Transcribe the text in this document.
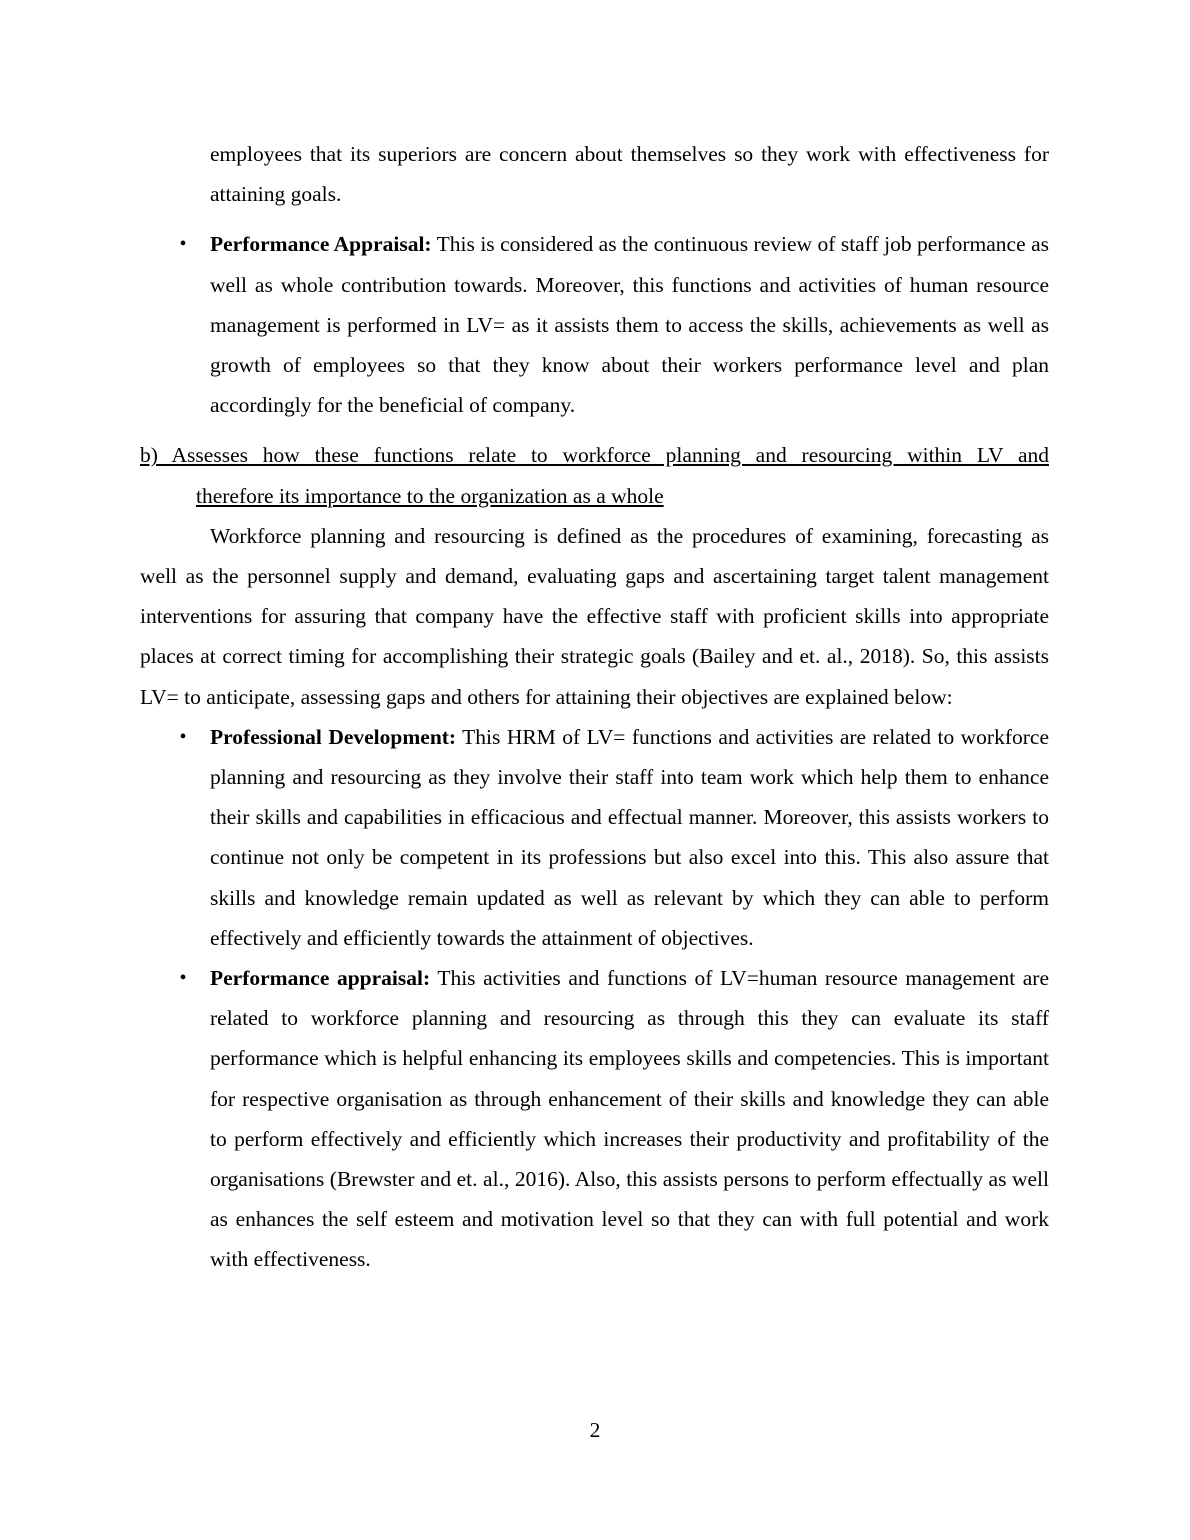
employees that its superiors are concern about themselves so they work with effectiveness for attaining goals.

•	Performance Appraisal: This is considered as the continuous review of staff job performance as well as whole contribution towards. Moreover, this functions and activities of human resource management is performed in LV= as it assists them to access the skills, achievements as well as growth of employees so that they know about their workers performance level and plan accordingly for the beneficial of company.
b) Assesses how these functions relate to workforce planning and resourcing within LV and
therefore its importance to the organization as a whole

Workforce planning and resourcing is defined as the procedures of examining, forecasting as well as the personnel supply and demand, evaluating gaps and ascertaining target talent management interventions for assuring that company have the effective staff with proficient skills into appropriate places at correct timing for accomplishing their strategic goals (Bailey and et. al., 2018). So, this assists LV= to anticipate, assessing gaps and others for attaining their objectives are explained below:

•	Professional Development: This HRM of LV= functions and activities are related to workforce planning and resourcing as they involve their staff into team work which help them to enhance their skills and capabilities in efficacious and effectual manner. Moreover, this assists workers to continue not only be competent in its professions but also excel into this. This also assure that skills and knowledge remain updated as well as relevant by which they can able to perform effectively and efficiently towards the attainment of objectives.
•	Performance appraisal: This activities and functions of LV=human resource management are related to workforce planning and resourcing as through this they can evaluate its staff performance which is helpful enhancing its employees skills and competencies. This is important for respective organisation as through enhancement of their skills and knowledge they can able to perform effectively and efficiently which increases their productivity and profitability of the organisations (Brewster and et. al., 2016). Also, this assists persons to perform effectually as well as enhances the self esteem and motivation level so that they can with full potential and work with effectiveness.
2
